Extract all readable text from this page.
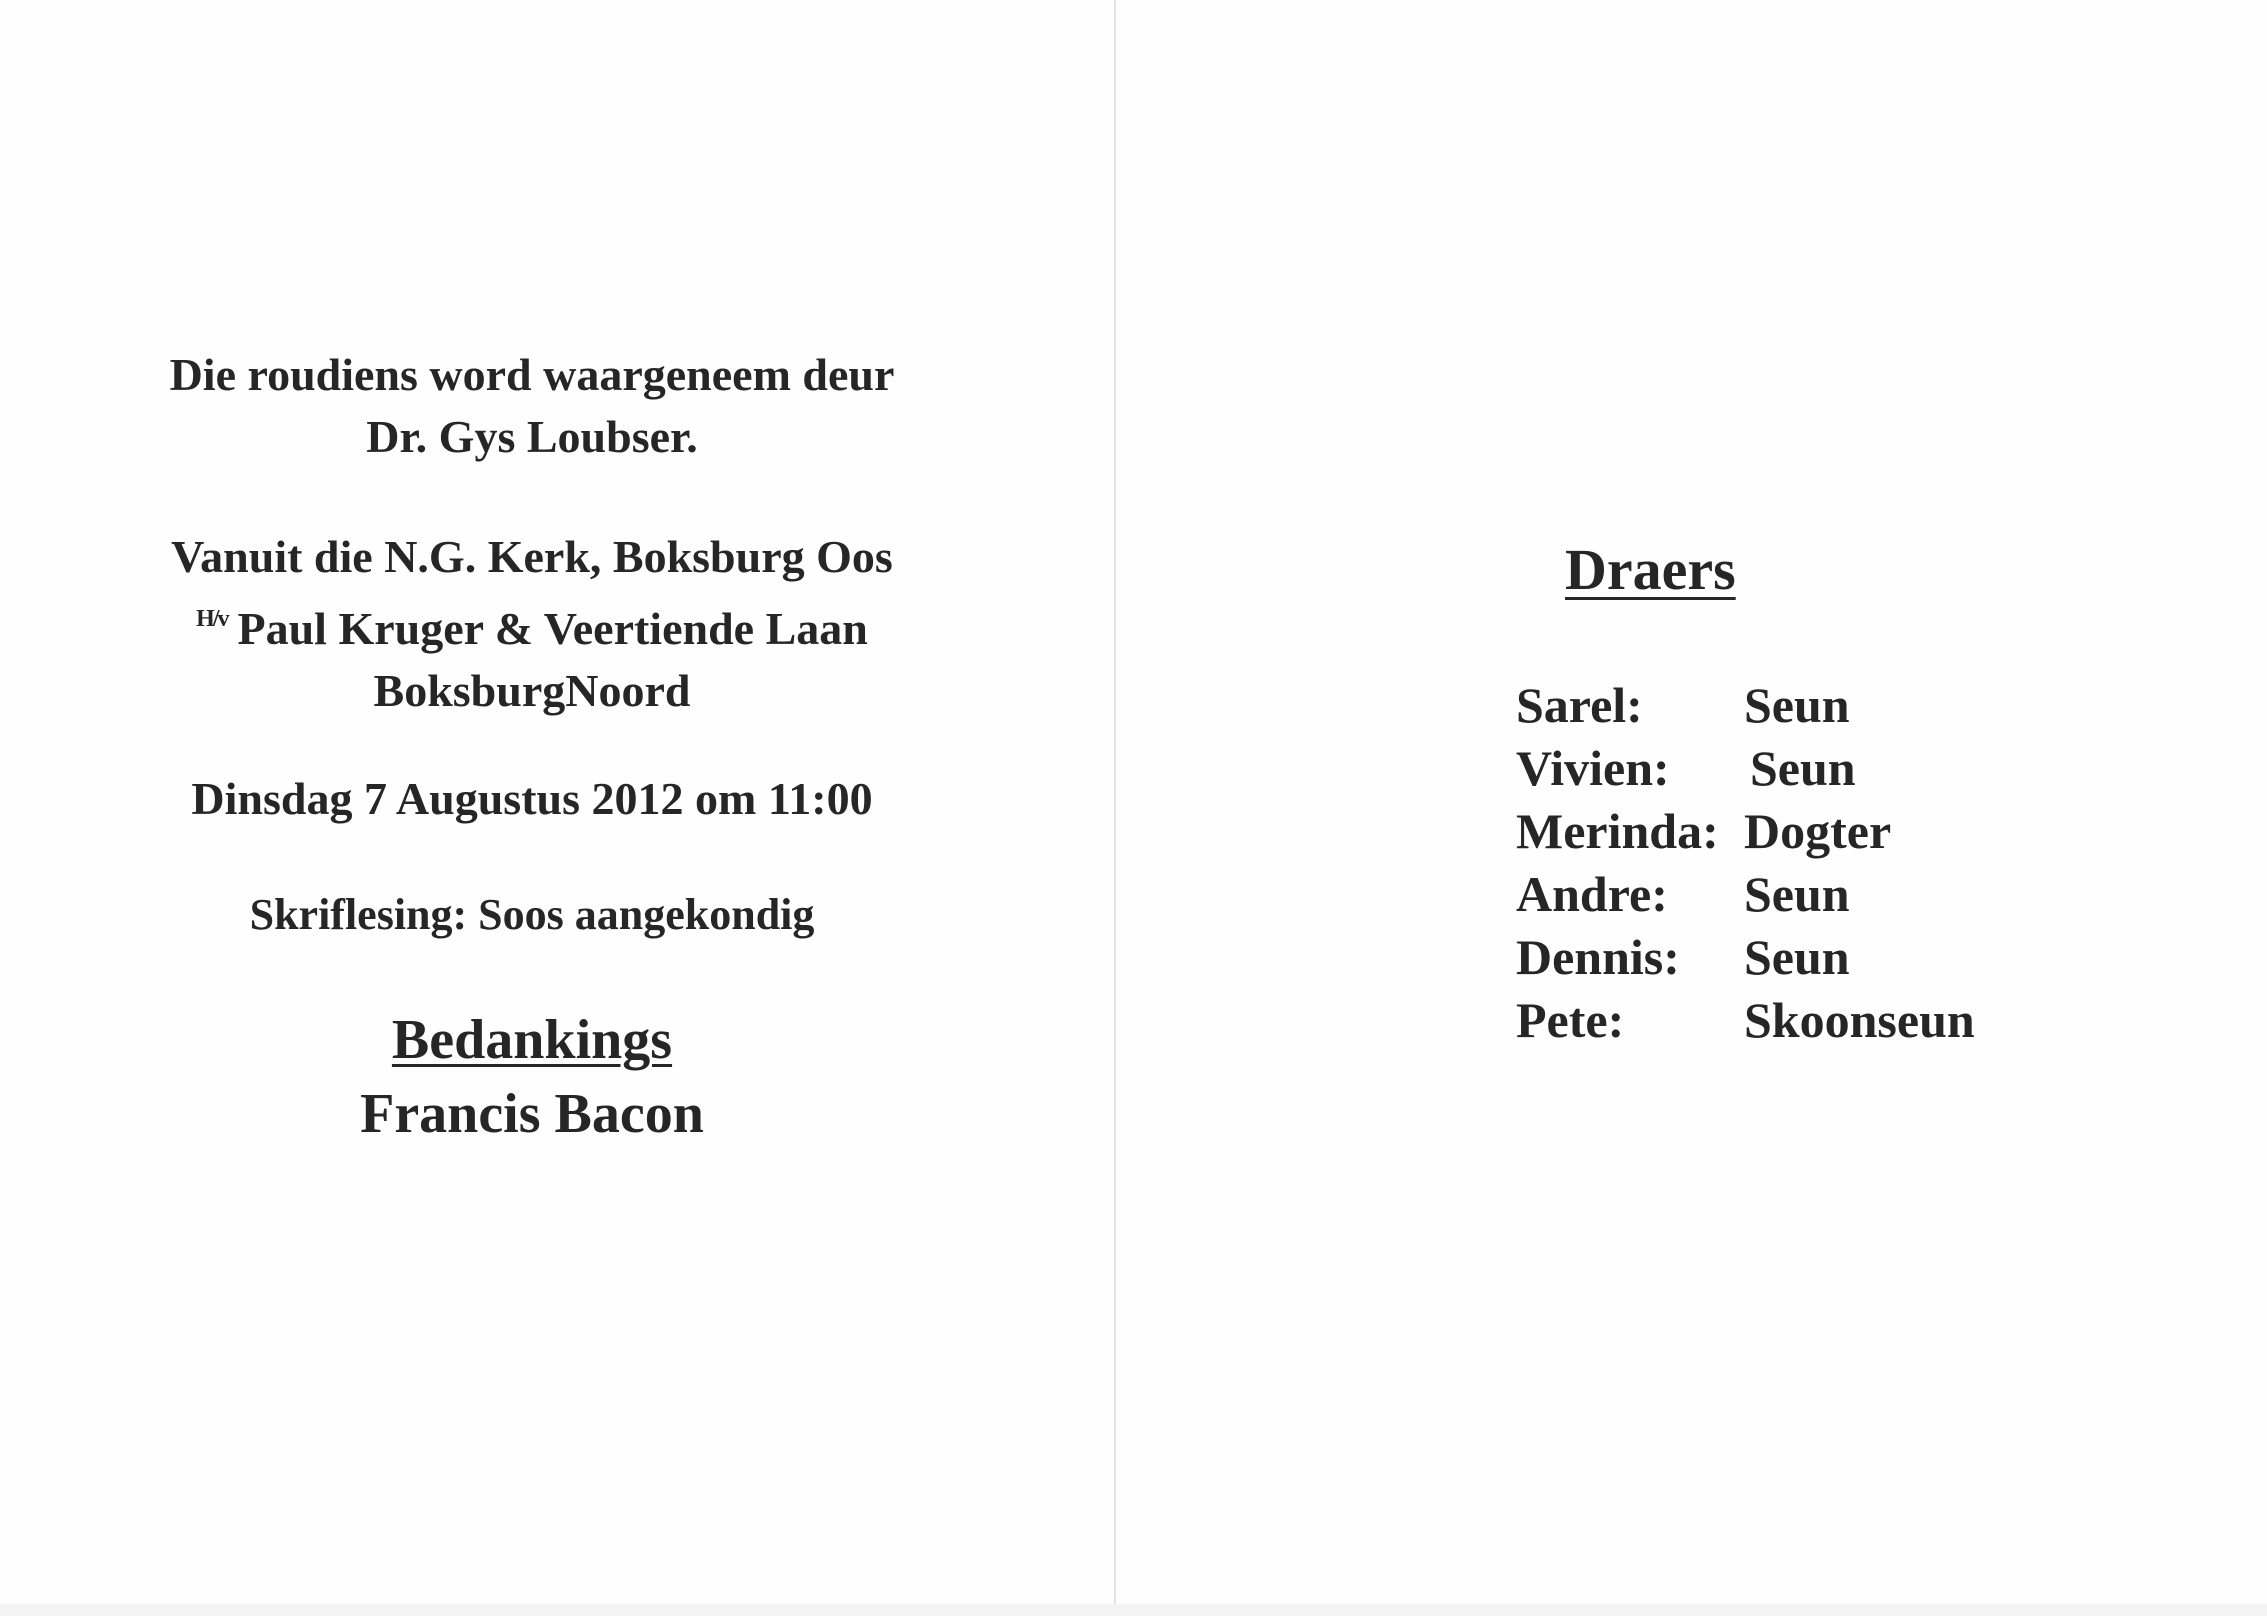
Die roudiens word waargeneem deur
Dr. Gys Loubser.
Vanuit die N.G. Kerk, Boksburg Oos
$^{H/v}$ Paul Kruger & Veertiende Laan
BoksburgNoord
Dinsdag 7 Augustus 2012 om 11:00
Skriflesing: Soos aangekondig
Bedankings
Francis Bacon
Draers
Sarel: Seun
Vivien: Seun
Merinda: Dogter
Andre: Seun
Dennis: Seun
Pete: Skoonseun
